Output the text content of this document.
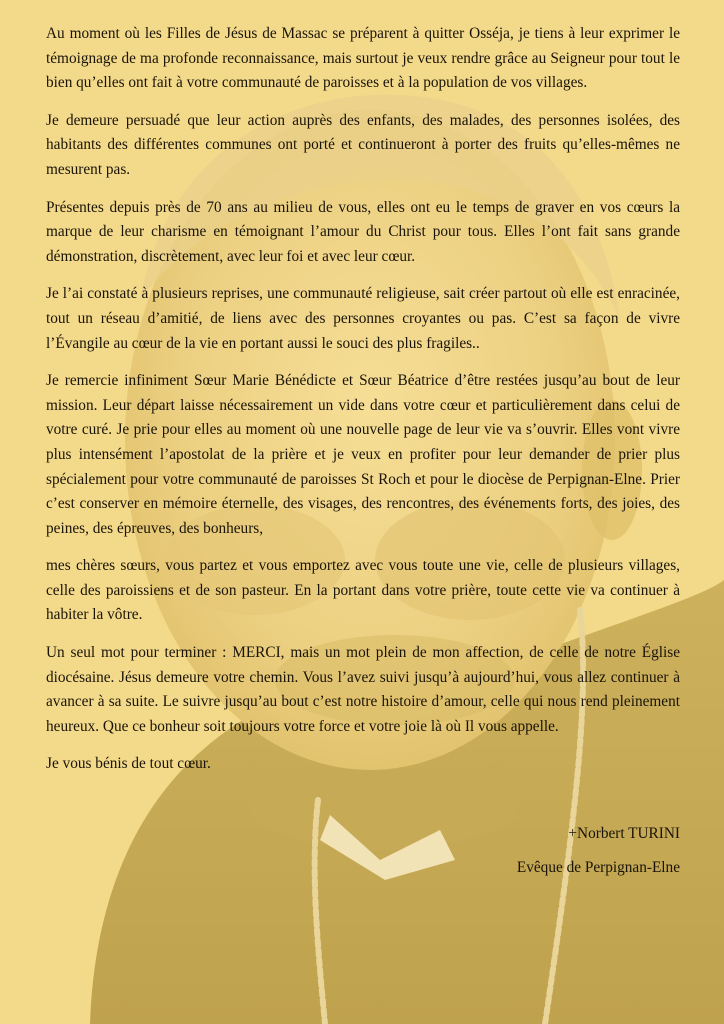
Au moment où les Filles de Jésus de Massac se préparent à quitter Osséja, je tiens à leur exprimer le témoignage de ma profonde reconnaissance, mais surtout je veux rendre grâce au Seigneur pour tout le bien qu’elles ont fait à votre communauté de paroisses et à la population de vos villages.

Je demeure persuadé que leur action auprès des enfants, des malades, des personnes isolées, des habitants des différentes communes ont porté et continueront à porter des fruits qu’elles-mêmes ne mesurent pas.

Présentes depuis près de 70 ans au milieu de vous, elles ont eu le temps de graver en vos cœurs la marque de leur charisme en témoignant l’amour du Christ pour tous. Elles l’ont fait sans grande démonstration, discrètement, avec leur foi et avec leur cœur.

Je l’ai constaté à plusieurs reprises, une communauté religieuse, sait créer partout où elle est enracinée, tout un réseau d’amitié, de liens avec des personnes croyantes ou pas. C’est sa façon de vivre l’Évangile au cœur de la vie en portant aussi le souci des plus fragiles..

Je remercie infiniment Sœur Marie Bénédicte et Sœur Béatrice d’être restées jusqu’au bout de leur mission. Leur départ laisse nécessairement un vide dans votre cœur et particulièrement dans celui de votre curé. Je prie pour elles au moment où une nouvelle page de leur vie va s’ouvrir. Elles vont vivre plus intensément l’apostolat de la prière et je veux en profiter pour leur demander de prier plus spécialement pour votre communauté de paroisses St Roch et pour le diocèse de Perpignan-Elne. Prier c’est conserver en mémoire éternelle, des visages, des rencontres, des événements forts, des joies, des peines, des épreuves, des bonheurs,

mes chères sœurs, vous partez et vous emportez avec vous toute une vie, celle de plusieurs villages, celle des paroissiens et de son pasteur. En la portant dans votre prière, toute cette vie va continuer à habiter la vôtre.

Un seul mot pour terminer : MERCI, mais un mot plein de mon affection, de celle de notre Église diocésaine. Jésus demeure votre chemin. Vous l’avez suivi jusqu’à aujourd’hui, vous allez continuer à avancer à sa suite. Le suivre jusqu’au bout c’est notre histoire d’amour, celle qui nous rend pleinement heureux. Que ce bonheur soit toujours votre force et votre joie là où Il vous appelle.

Je vous bénis de tout cœur.

+Norbert TURINI
Evêque de Perpignan-Elne
